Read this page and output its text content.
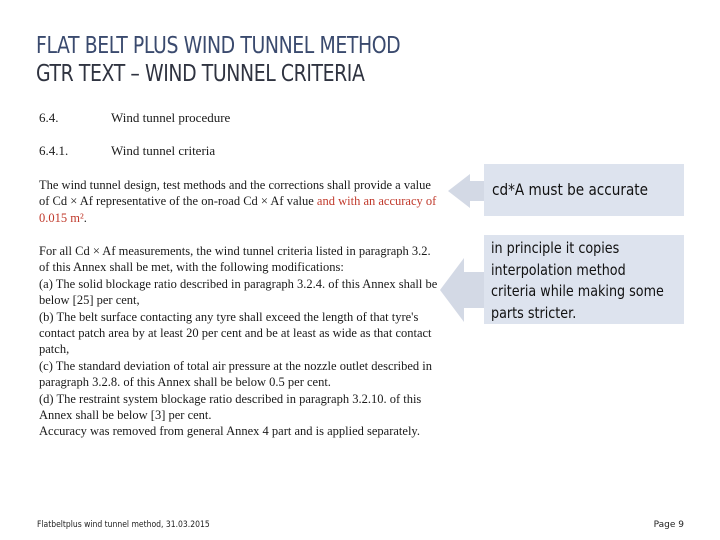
FLAT BELT PLUS WIND TUNNEL METHOD
GTR TEXT – WIND TUNNEL CRITERIA
6.4.	Wind tunnel procedure
6.4.1.	Wind tunnel criteria
The wind tunnel design, test methods and the corrections shall provide a value of Cd × Af representative of the on-road Cd × Af value and with an accuracy of 0.015 m².
For all Cd × Af measurements, the wind tunnel criteria listed in paragraph 3.2. of this Annex shall be met, with the following modifications:
(a) The solid blockage ratio described in paragraph 3.2.4. of this Annex shall be below [25] per cent,
(b) The belt surface contacting any tyre shall exceed the length of that tyre's contact patch area by at least 20 per cent and be at least as wide as that contact patch,
(c) The standard deviation of total air pressure at the nozzle outlet described in paragraph 3.2.8. of this Annex shall be below 0.5 per cent.
(d) The restraint system blockage ratio described in paragraph 3.2.10. of this Annex shall be below [3] per cent.
Accuracy was removed from general Annex 4 part and is applied separately.
cd*A must be accurate
in principle it copies
interpolation method
criteria while making some
parts stricter.
Flatbeltplus wind tunnel method, 31.03.2015	Page 9
